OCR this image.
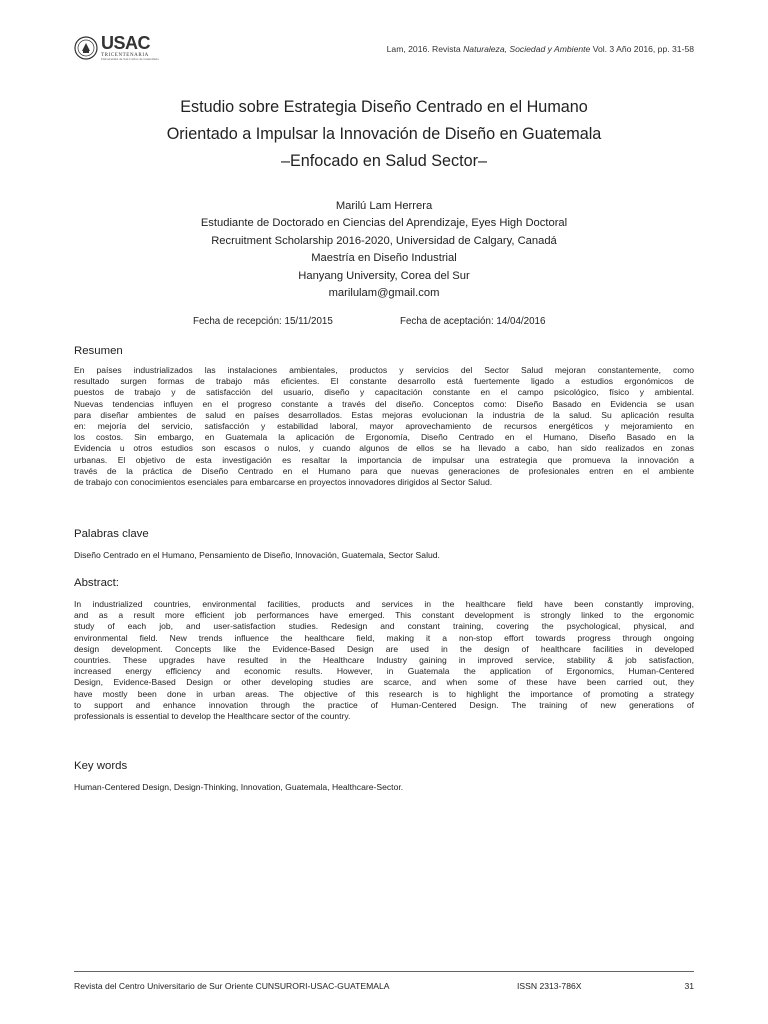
USAC
TRICENTENARIA
Universidad de San Carlos de Guatemala
Lam, 2016. Revista Naturaleza, Sociedad y Ambiente Vol. 3 Año 2016, pp. 31-58
Estudio sobre Estrategia Diseño Centrado en el Humano
Orientado a Impulsar la Innovación de Diseño en Guatemala
–Enfocado en Salud Sector–
Marilú Lam Herrera
Estudiante de Doctorado en Ciencias del Aprendizaje, Eyes High Doctoral
Recruitment Scholarship 2016-2020, Universidad de Calgary, Canadá
Maestría en Diseño Industrial
Hanyang University, Corea del Sur
marilulam@gmail.com
Fecha de recepción: 15/11/2015	Fecha de aceptación: 14/04/2016
Resumen
En países industrializados las instalaciones ambientales, productos y servicios del Sector Salud mejoran constantemente, como
resultado surgen formas de trabajo más eficientes. El constante desarrollo está fuertemente ligado a estudios ergonómicos de
puestos de trabajo y de satisfacción del usuario, diseño y capacitación constante en el campo psicológico, físico y ambiental.
Nuevas tendencias influyen en el progreso constante a través del diseño. Conceptos como: Diseño Basado en Evidencia se usan
para diseñar ambientes de salud en países desarrollados. Estas mejoras evolucionan la industria de la salud. Su aplicación resulta
en: mejoría del servicio, satisfacción y estabilidad laboral, mayor aprovechamiento de recursos energéticos y mejoramiento en
los costos. Sin embargo, en Guatemala la aplicación de Ergonomía, Diseño Centrado en el Humano, Diseño Basado en la
Evidencia u otros estudios son escasos o nulos, y cuando algunos de ellos se ha llevado a cabo, han sido realizados en zonas
urbanas. El objetivo de esta investigación es resaltar la importancia de impulsar una estrategia que promueva la innovación a
través de la práctica de Diseño Centrado en el Humano para que nuevas generaciones de profesionales entren en el ambiente
de trabajo con conocimientos esenciales para embarcarse en proyectos innovadores dirigidos al Sector Salud.
Palabras clave
Diseño Centrado en el Humano, Pensamiento de Diseño, Innovación, Guatemala, Sector Salud.
Abstract:
In industrialized countries, environmental facilities, products and services in the healthcare field have been constantly improving,
and as a result more efficient job performances have emerged. This constant development is strongly linked to the ergonomic
study of each job, and user-satisfaction studies. Redesign and constant training, covering the psychological, physical, and
environmental field. New trends influence the healthcare field, making it a non-stop effort towards progress through ongoing
design development. Concepts like the Evidence-Based Design are used in the design of healthcare facilities in developed
countries. These upgrades have resulted in the Healthcare Industry gaining in improved service, stability & job satisfaction,
increased energy efficiency and economic results. However, in Guatemala the application of Ergonomics, Human-Centered
Design, Evidence-Based Design or other developing studies are scarce, and when some of these have been carried out, they
have mostly been done in urban areas. The objective of this research is to highlight the importance of promoting a strategy
to support and enhance innovation through the practice of Human-Centered Design. The training of new generations of
professionals is essential to develop the Healthcare sector of the country.
Key words
Human-Centered Design, Design-Thinking, Innovation, Guatemala, Healthcare-Sector.
Revista del Centro Universitario de Sur Oriente CUNSURORI-USAC-GUATEMALA	ISSN 2313-786X	31
